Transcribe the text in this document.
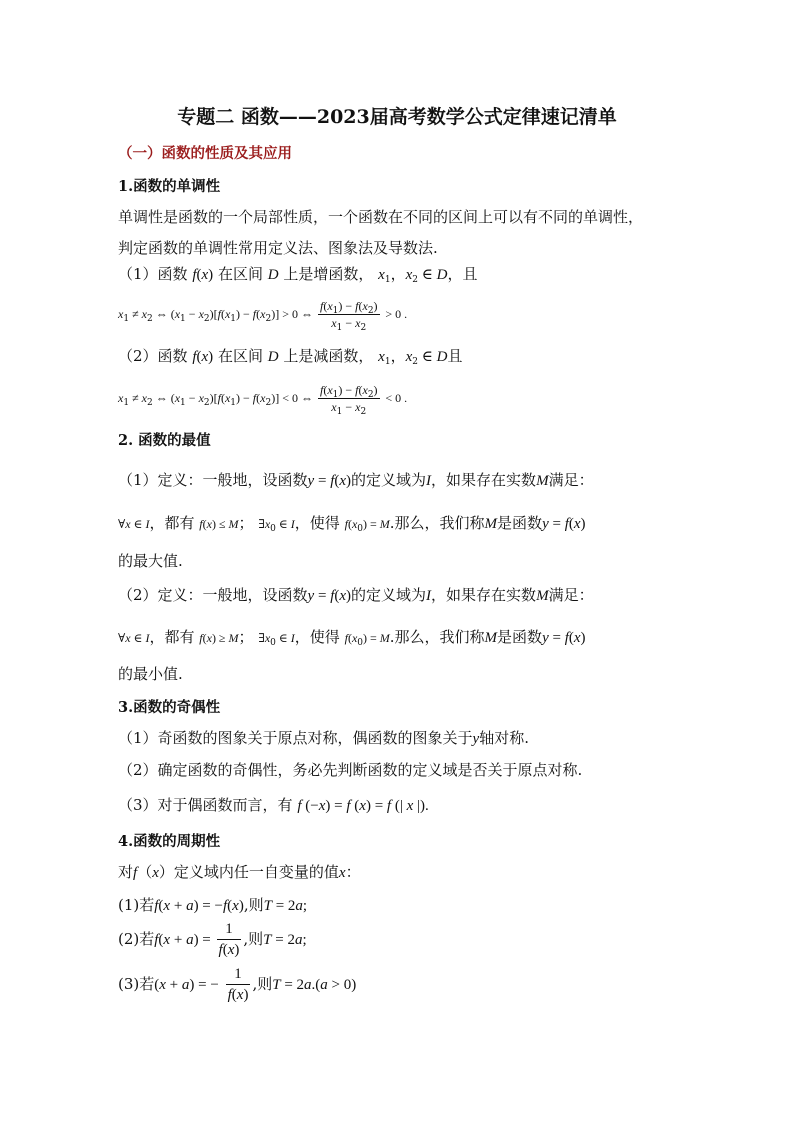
专题二 函数——2023届高考数学公式定律速记清单
（一）函数的性质及其应用
1.函数的单调性
单调性是函数的一个局部性质，一个函数在不同的区间上可以有不同的单调性，
判定函数的单调性常用定义法、图象法及导数法.
（1）函数 f(x) 在区间 D 上是增函数， $x_1$，$x_2$ ∈ D，且
$x_1 \ne x_2$ ⇔ $(x_1 - x_2)[f(x_1) - f(x_2)] > 0$ ⇔ $\frac{f(x_1) - f(x_2)}{x_1 - x_2} > 0$ .
（2）函数 f(x) 在区间 D 上是减函数， $x_1$，$x_2$ ∈ D且
$x_1 \ne x_2$ ⇔ $(x_1 - x_2)[f(x_1) - f(x_2)] < 0$ ⇔ $\frac{f(x_1) - f(x_2)}{x_1 - x_2} < 0$ .
2. 函数的最值
（1）定义：一般地，设函数y = f(x)的定义域为I，如果存在实数M满足：
∀x ∈ I，都有 f(x) ≤ M； $\exists x_0$ ∈ I，使得 $f(x_0) = M$.那么，我们称M是函数y = f(x)
的最大值.
（2）定义：一般地，设函数y = f(x)的定义域为I，如果存在实数M满足：
∀x ∈ I，都有 f(x) ≥ M； $\exists x_0$ ∈ I，使得 $f(x_0) = M$.那么，我们称M是函数y = f(x)
的最小值.
3.函数的奇偶性
（1）奇函数的图象关于原点对称，偶函数的图象关于y轴对称.
（2）确定函数的奇偶性，务必先判断函数的定义域是否关于原点对称.
（3）对于偶函数而言，有 f (−x) = f (x) = f (| x |).
4.函数的周期性
对f（x）定义域内任一自变量的值x：
(1)若f(x + a) = −f(x),则T = 2a;
(2)若$f(x + a) = \frac{1}{f(x)}$ ,则T = 2a;
(3)若(x + a) = − $\frac{1}{f(x)}$ ,则T = 2a.(a > 0)
